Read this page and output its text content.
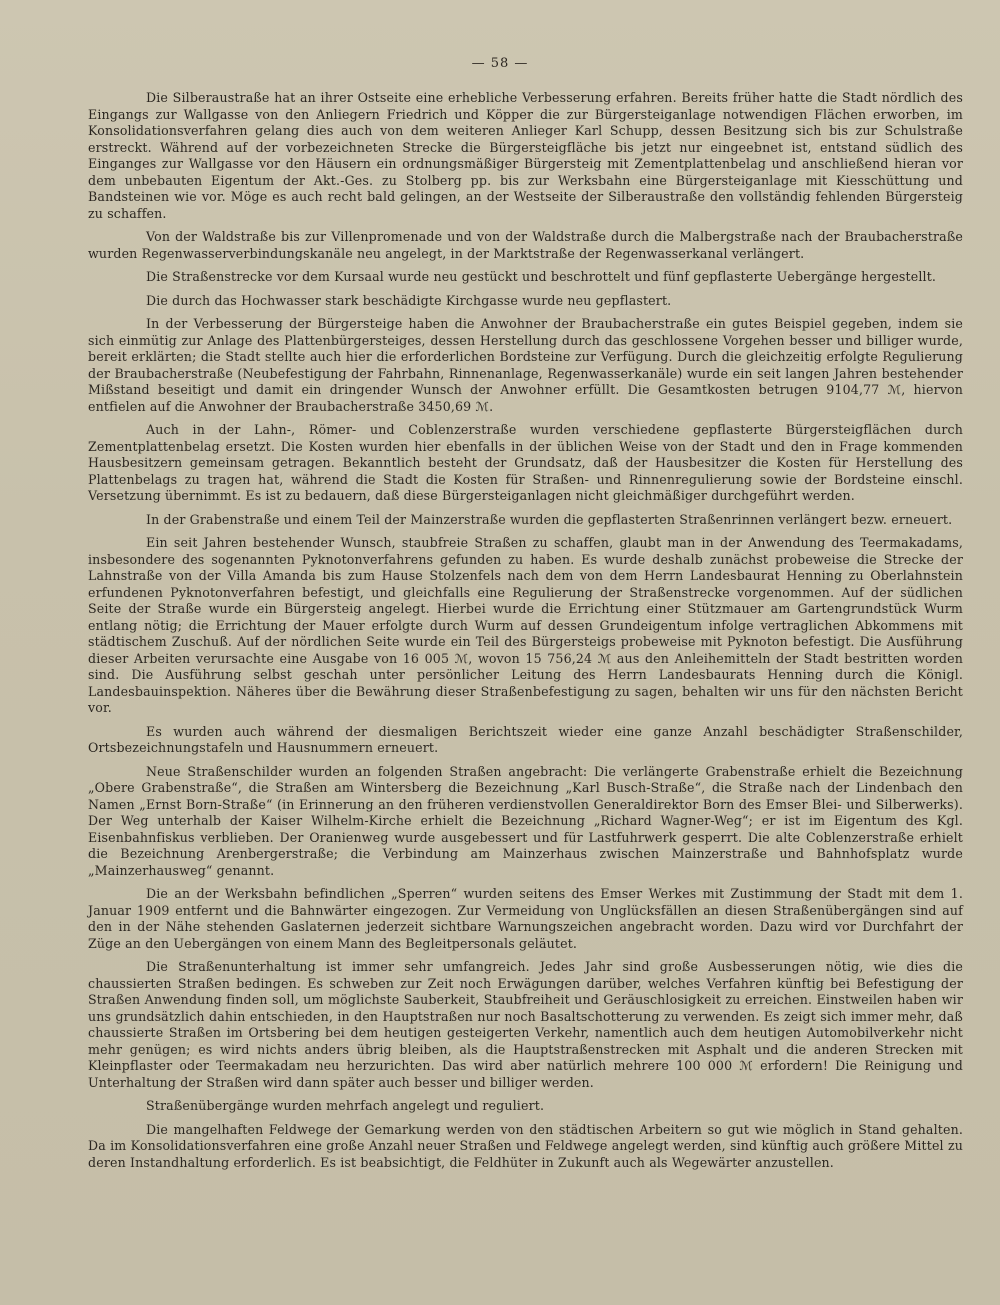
— 58 —

Die Silberaustraße hat an ihrer Ostseite eine erhebliche Verbesserung erfahren. Bereits früher hatte die Stadt nördlich des Eingangs zur Wallgasse von den Anliegern Friedrich und Köpper die zur Bürgersteiganlage notwendigen Flächen erworben, im Konsolidationsverfahren gelang dies auch von dem weiteren Anlieger Karl Schupp, dessen Besitzung sich bis zur Schulstraße erstreckt. Während auf der vorbezeichneten Strecke die Bürgersteigfläche bis jetzt nur eingeebnet ist, entstand südlich des Einganges zur Wallgasse vor den Häusern ein ordnungsmäßiger Bürgersteig mit Zementplattenbelag und anschließend hieran vor dem unbebauten Eigentum der Akt.-Ges. zu Stolberg pp. bis zur Werksbahn eine Bürgersteiganlage mit Kiesschüttung und Bandsteinen wie vor. Möge es auch recht bald gelingen, an der Westseite der Silberaustraße den vollständig fehlenden Bürgersteig zu schaffen.

Von der Waldstraße bis zur Villenpromenade und von der Waldstraße durch die Malbergstraße nach der Braubacherstraße wurden Regenwasserverbindungskanäle neu angelegt, in der Marktstraße der Regenwasserkanal verlängert.

Die Straßenstrecke vor dem Kursaal wurde neu gestückt und beschrottelt und fünf gepflasterte Uebergänge hergestellt.

Die durch das Hochwasser stark beschädigte Kirchgasse wurde neu gepflastert.

In der Verbesserung der Bürgersteige haben die Anwohner der Braubacherstraße ein gutes Beispiel gegeben, indem sie sich einmütig zur Anlage des Plattenbürgersteiges, dessen Herstellung durch das geschlossene Vorgehen besser und billiger wurde, bereit erklärten; die Stadt stellte auch hier die erforderlichen Bordsteine zur Verfügung. Durch die gleichzeitig erfolgte Regulierung der Braubacherstraße (Neubefestigung der Fahrbahn, Rinnenanlage, Regenwasserkanäle) wurde ein seit langen Jahren bestehender Mißstand beseitigt und damit ein dringender Wunsch der Anwohner erfüllt. Die Gesamtkosten betrugen 9104,77 ℳ, hiervon entfielen auf die Anwohner der Braubacherstraße 3450,69 ℳ.

Auch in der Lahn-, Römer- und Coblenzerstraße wurden verschiedene gepflasterte Bürgersteigflächen durch Zementplattenbelag ersetzt. Die Kosten wurden hier ebenfalls in der üblichen Weise von der Stadt und den in Frage kommenden Hausbesitzern gemeinsam getragen. Bekanntlich besteht der Grundsatz, daß der Hausbesitzer die Kosten für Herstellung des Plattenbelags zu tragen hat, während die Stadt die Kosten für Straßen- und Rinnenregulierung sowie der Bordsteine einschl. Versetzung übernimmt. Es ist zu bedauern, daß diese Bürgersteiganlagen nicht gleichmäßiger durchgeführt werden.

In der Grabenstraße und einem Teil der Mainzerstraße wurden die gepflasterten Straßenrinnen verlängert bezw. erneuert.

Ein seit Jahren bestehender Wunsch, staubfreie Straßen zu schaffen, glaubt man in der Anwendung des Teermakadams, insbesondere des sogenannten Pyknotonverfahrens gefunden zu haben. Es wurde deshalb zunächst probeweise die Strecke der Lahnstraße von der Villa Amanda bis zum Hause Stolzenfels nach dem von dem Herrn Landesbaurat Henning zu Oberlahnstein erfundenen Pyknotonverfahren befestigt, und gleichfalls eine Regulierung der Straßenstrecke vorgenommen. Auf der südlichen Seite der Straße wurde ein Bürgersteig angelegt. Hierbei wurde die Errichtung einer Stützmauer am Gartengrundstück Wurm entlang nötig; die Errichtung der Mauer erfolgte durch Wurm auf dessen Grundeigentum infolge vertraglichen Abkommens mit städtischem Zuschuß. Auf der nördlichen Seite wurde ein Teil des Bürgersteigs probeweise mit Pyknoton befestigt. Die Ausführung dieser Arbeiten verursachte eine Ausgabe von 16 005 ℳ, wovon 15 756,24 ℳ aus den Anleihemitteln der Stadt bestritten worden sind. Die Ausführung selbst geschah unter persönlicher Leitung des Herrn Landesbaurats Henning durch die Königl. Landesbauinspektion. Näheres über die Bewährung dieser Straßenbefestigung zu sagen, behalten wir uns für den nächsten Bericht vor.

Es wurden auch während der diesmaligen Berichtszeit wieder eine ganze Anzahl beschädigter Straßenschilder, Ortsbezeichnungstafeln und Hausnummern erneuert.

Neue Straßenschilder wurden an folgenden Straßen angebracht: Die verlängerte Grabenstraße erhielt die Bezeichnung „Obere Grabenstraße“, die Straßen am Wintersberg die Bezeichnung „Karl Busch-Straße“, die Straße nach der Lindenbach den Namen „Ernst Born-Straße“ (in Erinnerung an den früheren verdienstvollen Generaldirektor Born des Emser Blei- und Silberwerks). Der Weg unterhalb der Kaiser Wilhelm-Kirche erhielt die Bezeichnung „Richard Wagner-Weg“; er ist im Eigentum des Kgl. Eisenbahnfiskus verblieben. Der Oranienweg wurde ausgebessert und für Lastfuhrwerk gesperrt. Die alte Coblenzerstraße erhielt die Bezeichnung Arenbergerstraße; die Verbindung am Mainzerhaus zwischen Mainzerstraße und Bahnhofsplatz wurde „Mainzerhausweg“ genannt.

Die an der Werksbahn befindlichen „Sperren“ wurden seitens des Emser Werkes mit Zustimmung der Stadt mit dem 1. Januar 1909 entfernt und die Bahnwärter eingezogen. Zur Vermeidung von Unglücksfällen an diesen Straßenübergängen sind auf den in der Nähe stehenden Gaslaternen jederzeit sichtbare Warnungszeichen angebracht worden. Dazu wird vor Durchfahrt der Züge an den Uebergängen von einem Mann des Begleitpersonals geläutet.

Die Straßenunterhaltung ist immer sehr umfangreich. Jedes Jahr sind große Ausbesserungen nötig, wie dies die chaussierten Straßen bedingen. Es schweben zur Zeit noch Erwägungen darüber, welches Verfahren künftig bei Befestigung der Straßen Anwendung finden soll, um möglichste Sauberkeit, Staubfreiheit und Geräuschlosigkeit zu erreichen. Einstweilen haben wir uns grundsätzlich dahin entschieden, in den Hauptstraßen nur noch Basaltschotterung zu verwenden. Es zeigt sich immer mehr, daß chaussierte Straßen im Ortsbering bei dem heutigen gesteigerten Verkehr, namentlich auch dem heutigen Automobilverkehr nicht mehr genügen; es wird nichts anders übrig bleiben, als die Hauptstraßenstrecken mit Asphalt und die anderen Strecken mit Kleinpflaster oder Teermakadam neu herzurichten. Das wird aber natürlich mehrere 100 000 ℳ erfordern! Die Reinigung und Unterhaltung der Straßen wird dann später auch besser und billiger werden.

Straßenübergänge wurden mehrfach angelegt und reguliert.

Die mangelhaften Feldwege der Gemarkung werden von den städtischen Arbeitern so gut wie möglich in Stand gehalten. Da im Konsolidationsverfahren eine große Anzahl neuer Straßen und Feldwege angelegt werden, sind künftig auch größere Mittel zu deren Instandhaltung erforderlich. Es ist beabsichtigt, die Feldhüter in Zukunft auch als Wegewärter anzustellen.
